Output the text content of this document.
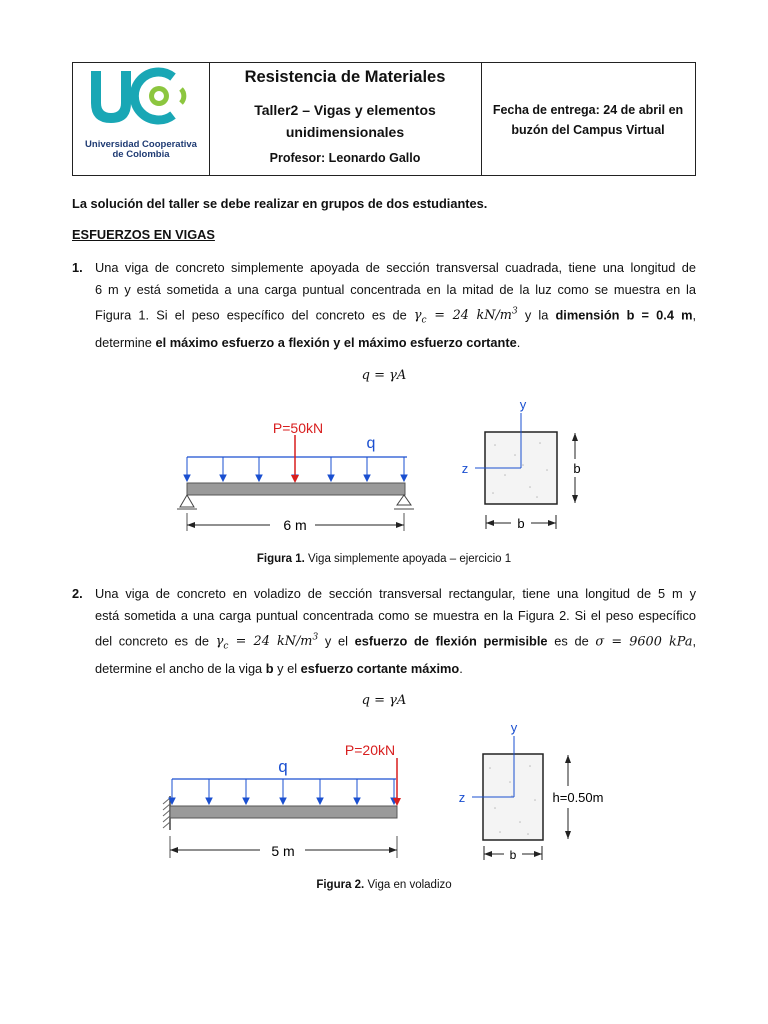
Universidad Cooperativa
de Colombia
Resistencia de Materiales
Taller2 – Vigas y elementos
unidimensionales
Profesor: Leonardo Gallo
Fecha de entrega: 24 de abril en
buzón del Campus Virtual
La solución del taller se debe realizar en grupos de dos estudiantes.
ESFUERZOS EN VIGAS
1. Una viga de concreto simplemente apoyada de sección transversal cuadrada, tiene una longitud de
6 m y está sometida a una carga puntual concentrada en la mitad de la luz como se muestra en la
Figura 1. Si el peso específico del concreto es de $\gamma_c = 24$ $kN/m^3$ y la dimensión b = 0.4 m,
determine el máximo esfuerzo a flexión y el máximo esfuerzo cortante.
q = γA
P=50kN
q
6 m
y
z	b
b
Figura 1. Viga simplemente apoyada – ejercicio 1
2. Una viga de concreto en voladizo de sección transversal rectangular, tiene una longitud de 5 m y
está sometida a una carga puntual concentrada como se muestra en la Figura 2. Si el peso específico
del concreto es de $\gamma_c = 24$ $kN/m^3$ y el esfuerzo de flexión permisible es de σ = 9600 kPa,
determine el ancho de la viga b y el esfuerzo cortante máximo.
q = γA
q
P=20kN
5 m
y
z	h=0.50m
b
Figura 2. Viga en voladizo
